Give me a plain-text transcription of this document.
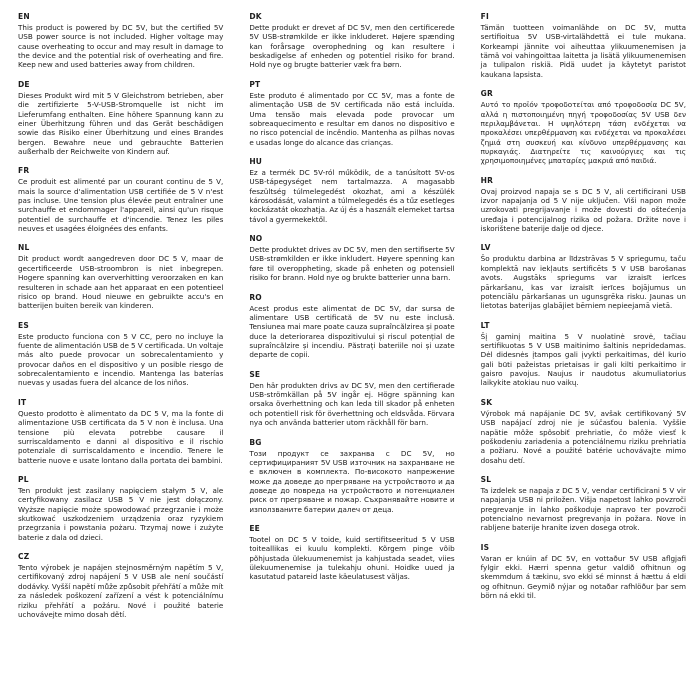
EN

This product is powered by DC 5V, but the certified 5V USB power source is not included. Higher voltage may cause overheating to occur and may result in damage to the device and the potential risk of overheating and fire. Keep new and used batteries away from children.

DE

Dieses Produkt wird mit 5 V Gleichstrom betrieben, aber die zertifizierte 5-V-USB-Stromquelle ist nicht im Lieferumfang enthalten. Eine höhere Spannung kann zu einer Überhitzung führen und das Gerät beschädigen sowie das Risiko einer Überhitzung und eines Brandes bergen. Bewahre neue und gebrauchte Batterien außerhalb der Reichweite von Kindern auf.

FR

Ce produit est alimenté par un courant continu de 5 V, mais la source d'alimentation USB certifiée de 5 V n'est pas incluse. Une tension plus élevée peut entraîner une surchauffe et endommager l'appareil, ainsi qu'un risque potentiel de surchauffe et d'incendie. Tenez les piles neuves et usagées éloignées des enfants.

NL

Dit product wordt aangedreven door DC 5 V, maar de gecertificeerde USB-stroombron is niet inbegrepen. Hogere spanning kan oververhitting veroorzaken en kan resulteren in schade aan het apparaat en een potentieel risico op brand. Houd nieuwe en gebruikte accu's en batterijen buiten bereik van kinderen.

ES

Este producto funciona con 5 V CC, pero no incluye la fuente de alimentación USB de 5 V certificada. Un voltaje más alto puede provocar un sobrecalentamiento y provocar daños en el dispositivo y un posible riesgo de sobrecalentamiento e incendio. Mantenga las baterías nuevas y usadas fuera del alcance de los niños.

IT

Questo prodotto è alimentato da DC 5 V, ma la fonte di alimentazione USB certificata da 5 V non è inclusa. Una tensione più elevata potrebbe causare il surriscaldamento e danni al dispositivo e il rischio potenziale di surriscaldamento e incendio. Tenere le batterie nuove e usate lontano dalla portata dei bambini.

PL

Ten produkt jest zasilany napięciem stałym 5 V, ale certyfikowany zasilacz USB 5 V nie jest dołączony. Wyższe napięcie może spowodować przegrzanie i może skutkować uszkodzeniem urządzenia oraz ryzykiem przegrzania i powstania pożaru. Trzymaj nowe i zużyte baterie z dala od dzieci.

CZ

Tento výrobek je napájen stejnosměrným napětím 5 V, certifikovaný zdroj napájení 5 V USB ale není součástí dodávky. Vyšší napětí může způsobit přehřátí a může mít za následek poškození zařízení a vést k potenciálnímu riziku přehřátí a požáru. Nové i použité baterie uchovávejte mimo dosah dětí.

DK

Dette produkt er drevet af DC 5V, men den certificerede 5V USB-strømkilde er ikke inkluderet. Højere spænding kan forårsage overophedning og kan resultere i beskadigelse af enheden og potentiel risiko for brand. Hold nye og brugte batterier væk fra børn.

PT

Este produto é alimentado por CC 5V, mas a fonte de alimentação USB de 5V certificada não está incluída. Uma tensão mais elevada pode provocar um sobreaquecimento e resultar em danos no dispositivo e no risco potencial de incêndio. Mantenha as pilhas novas e usadas longe do alcance das crianças.

HU

Ez a termék DC 5V-ról működik, de a tanúsított 5V-os USB-tápegységet nem tartalmazza. A magasabb feszültség túlmelegedést okozhat, ami a készülék károsodását, valamint a túlmelegedés és a tűz esetleges kockázatát okozhatja. Az új és a használt elemeket tartsa távol a gyermekektől.

NO

Dette produktet drives av DC 5V, men den sertifiserte 5V USB-strømkilden er ikke inkludert. Høyere spenning kan føre til overoppheting, skade på enheten og potensiell risiko for brann. Hold nye og brukte batterier unna barn.

RO

Acest produs este alimentat de DC 5V, dar sursa de alimentare USB certificată de 5V nu este inclusă. Tensiunea mai mare poate cauza supraîncălzirea și poate duce la deteriorarea dispozitivului și riscul potențial de supraîncălzire și incendiu. Păstrați bateriile noi și uzate departe de copii.

SE

Den här produkten drivs av DC 5V, men den certifierade USB-strömkällan på 5V ingår ej. Högre spänning kan orsaka överhettning och kan leda till skador på enheten och potentiell risk för överhettning och eldsvåda. Förvara nya och använda batterier utom räckhåll för barn.

BG

Този продукт се захранва с DC 5V, но сертифицираният 5V USB източник на захранване не е включен в комплекта. По-високото напрежение може да доведе до прегряване на устройството и да доведе до повреда на устройството и потенциален риск от прегряване и пожар. Съхранявайте новите и използваните батерии далеч от деца.

EE

Tootel on DC 5 V toide, kuid sertifitseeritud 5 V USB toiteallikas ei kuulu komplekti. Kõrgem pinge võib põhjustada ülekuumenemist ja kahjustada seadet, viies ülekuumenemise ja tulekahju ohuni. Hoidke uued ja kasutatud patareid laste käeulatusest väljas.

FI

Tämän tuotteen voimanlähde on DC 5V, mutta sertifioitua 5V USB-virtalähdettä ei tule mukana. Korkeampi jännite voi aiheuttaa ylikuumenemisen ja tämä voi vahingoittaa laitetta ja lisätä ylikuumenemisen ja tulipalon riskiä. Pidä uudet ja käytetyt paristot kaukana lapsista.

GR

Αυτό το προϊόν τροφοδοτείται από τροφοδοσία DC 5V, αλλά η πιστοποιημένη πηγή τροφοδοσίας 5V USB δεν περιλαμβάνεται. Η υψηλότερη τάση ενδέχεται να προκαλέσει υπερθέρμανση και ενδέχεται να προκαλέσει ζημιά στη συσκευή και κίνδυνο υπερθέρμανσης και πυρκαγιάς. Διατηρείτε τις καινούργιες και τις χρησιμοποιημένες μπαταρίες μακριά από παιδιά.

HR

Ovaj proizvod napaja se s DC 5 V, ali certificirani USB izvor napajanja od 5 V nije uključen. Viši napon može uzrokovati pregrijavanje i može dovesti do oštećenja uređaja i potencijalnog rizika od požara. Držite nove i iskorištene baterije dalje od djece.

LV

Šo produktu darbina ar līdzstrāvas 5 V spriegumu, taču komplektā nav iekļauts sertificēts 5 V USB barošanas avots. Augstāks spriegums var izraisīt ierīces pārkaršanu, kas var izraisīt ierīces bojājumus un potenciālu pārkaršanas un ugunsgrēka risku. Jaunas un lietotas baterijas glabājiet bērniem nepieejamā vietā.

LT

Šį gaminį maitina 5 V nuolatinė srovė, tačiau sertifikuotas 5 V USB maitinimo šaltinis nepridedamas. Dėl didesnės įtampos gali įvykti perkaitimas, dėl kurio gali būti pažeistas prietaisas ir gali kilti perkaitimo ir gaisro pavojus. Naujus ir naudotus akumuliatorius laikykite atokiau nuo vaikų.

SK

Výrobok má napájanie DC 5V, avšak certifikovaný 5V USB napájací zdroj nie je súčasťou balenia. Vyššie napätie môže spôsobiť prehriatie, čo môže viesť k poškodeniu zariadenia a potenciálnemu riziku prehriatia a požiaru. Nové a použité batérie uchovávajte mimo dosahu detí.

SL

Ta izdelek se napaja z DC 5 V, vendar certificirani 5 V vir napajanja USB ni priložen. Višja napetost lahko povzroči pregrevanje in lahko poškoduje napravo ter povzroči potencialno nevarnost pregrevanja in požara. Nove in rabljene baterije hranite izven dosega otrok.

IS

Varan er knúin af DC 5V, en vottaður 5V USB aflgjafi fylgir ekki. Hærri spenna getur valdið ofhitnun og skemmdum á tækinu, svo ekki sé minnst á hættu á eldi og ofhitnun. Geymið nýjar og notaðar rafhlöður þar sem börn ná ekki til.
